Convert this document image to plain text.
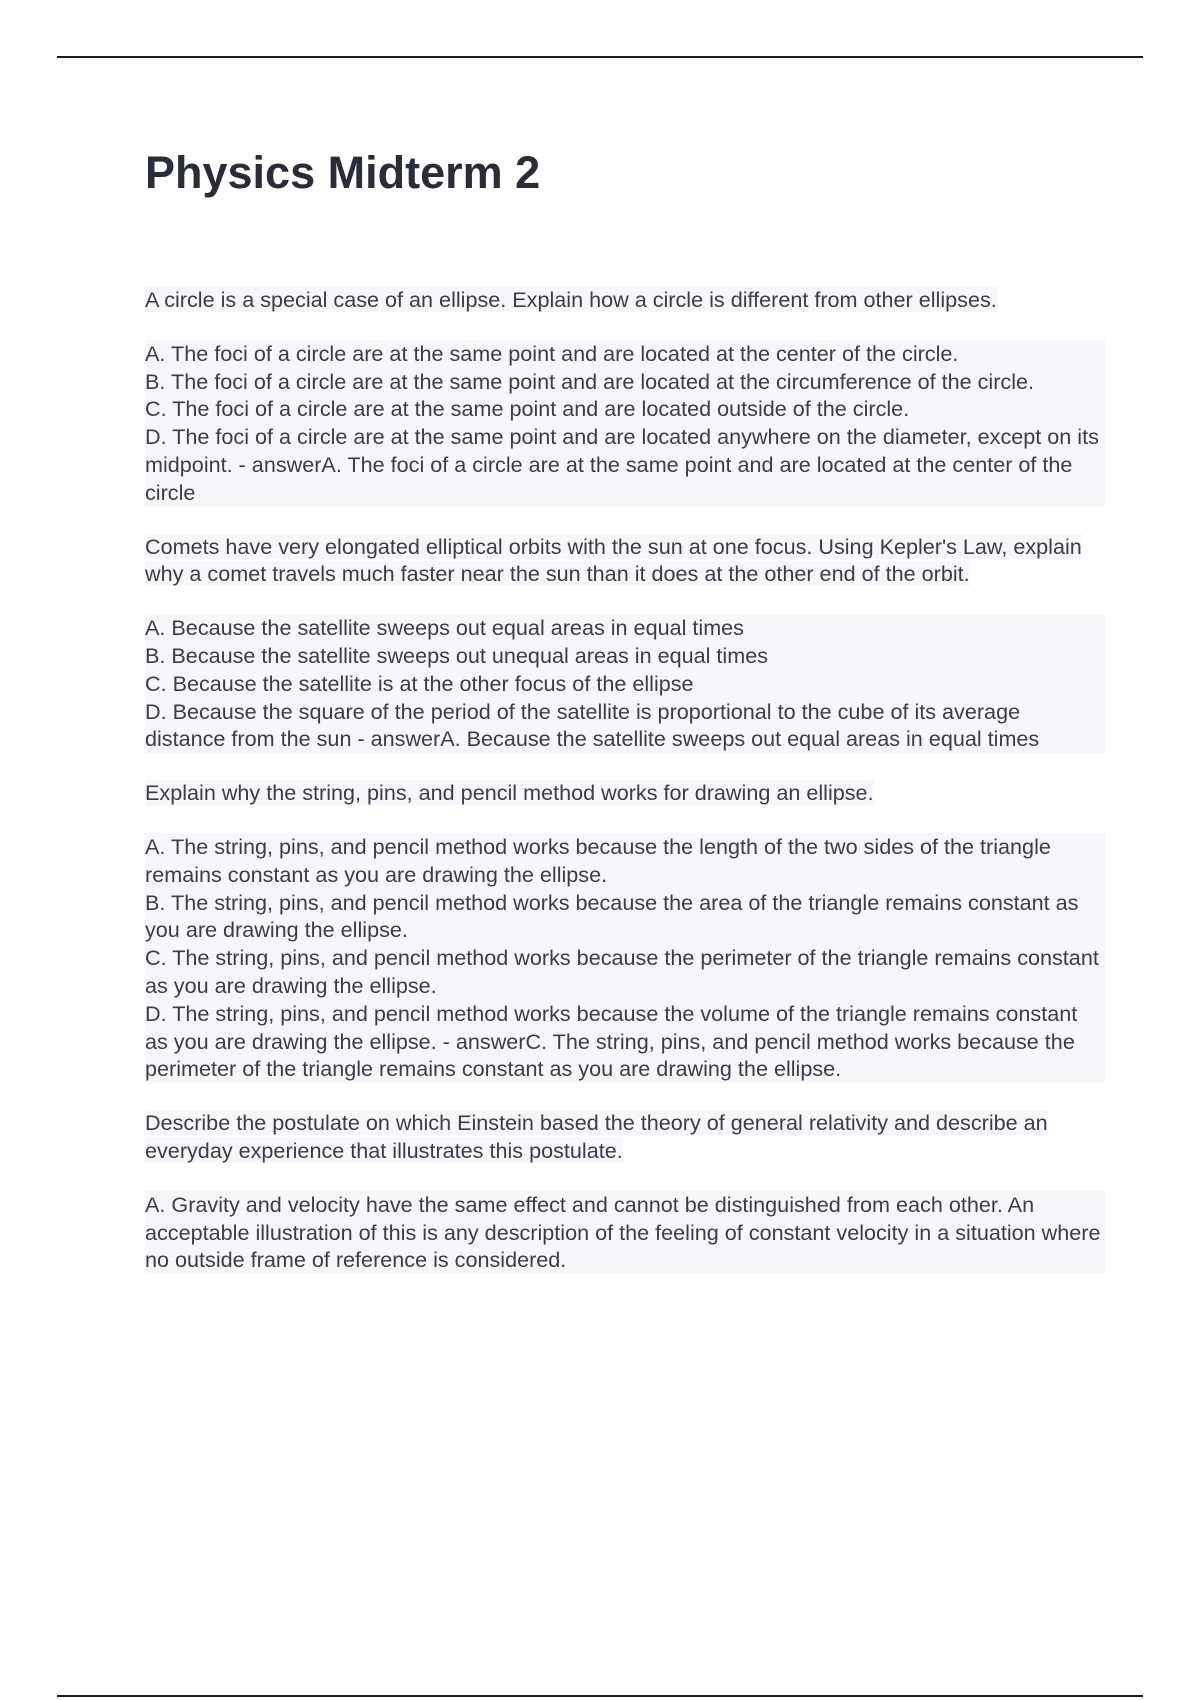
Physics Midterm 2

A circle is a special case of an ellipse. Explain how a circle is different from other ellipses.

A. The foci of a circle are at the same point and are located at the center of the circle.
B. The foci of a circle are at the same point and are located at the circumference of the circle.
C. The foci of a circle are at the same point and are located outside of the circle.
D. The foci of a circle are at the same point and are located anywhere on the diameter, except on its midpoint. - answerA. The foci of a circle are at the same point and are located at the center of the circle

Comets have very elongated elliptical orbits with the sun at one focus. Using Kepler's Law, explain why a comet travels much faster near the sun than it does at the other end of the orbit.

A. Because the satellite sweeps out equal areas in equal times
B. Because the satellite sweeps out unequal areas in equal times
C. Because the satellite is at the other focus of the ellipse
D. Because the square of the period of the satellite is proportional to the cube of its average distance from the sun - answerA. Because the satellite sweeps out equal areas in equal times

Explain why the string, pins, and pencil method works for drawing an ellipse.

A. The string, pins, and pencil method works because the length of the two sides of the triangle remains constant as you are drawing the ellipse.
B. The string, pins, and pencil method works because the area of the triangle remains constant as you are drawing the ellipse.
C. The string, pins, and pencil method works because the perimeter of the triangle remains constant as you are drawing the ellipse.
D. The string, pins, and pencil method works because the volume of the triangle remains constant as you are drawing the ellipse. - answerC. The string, pins, and pencil method works because the perimeter of the triangle remains constant as you are drawing the ellipse.

Describe the postulate on which Einstein based the theory of general relativity and describe an everyday experience that illustrates this postulate.

A. Gravity and velocity have the same effect and cannot be distinguished from each other. An acceptable illustration of this is any description of the feeling of constant velocity in a situation where no outside frame of reference is considered.
